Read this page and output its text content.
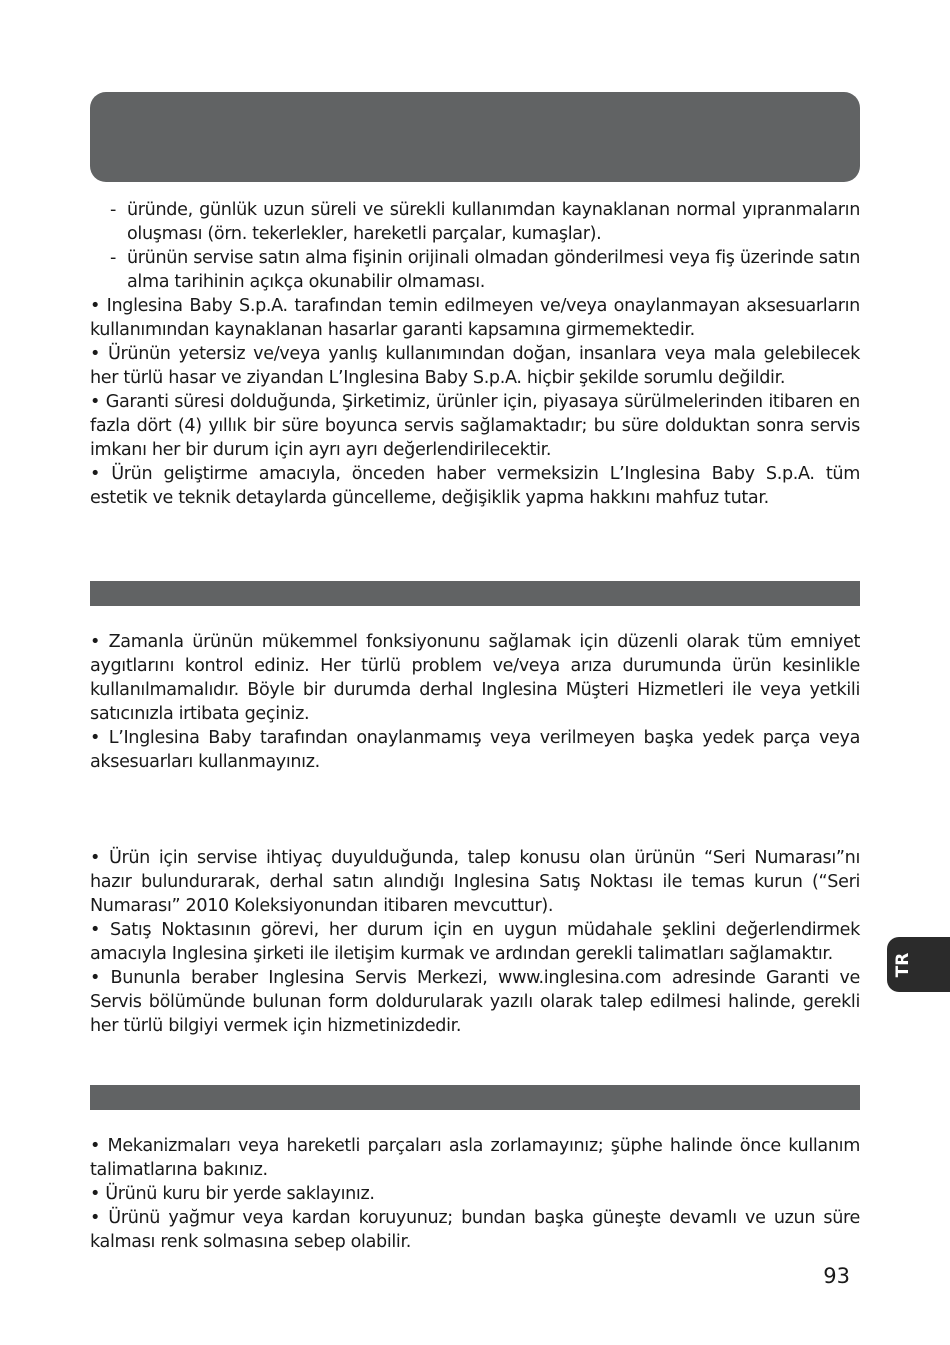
- üründe, günlük uzun süreli ve sürekli kullanımdan kaynaklanan normal yıpranmaların oluşması (örn. tekerlekler, hareketli parçalar, kumaşlar).

- ürünün servise satın alma fişinin orijinali olmadan gönderilmesi veya fiş üzerinde satın alma tarihinin açıkça okunabilir olmaması.

• Inglesina Baby S.p.A. tarafından temin edilmeyen ve/veya onaylanmayan aksesuarların kullanımından kaynaklanan hasarlar garanti kapsamına girmemektedir.

• Ürünün yetersiz ve/veya yanlış kullanımından doğan, insanlara veya mala gelebilecek her türlü hasar ve ziyandan L’Inglesina Baby S.p.A. hiçbir şekilde sorumlu değildir.

• Garanti süresi dolduğunda, Şirketimiz, ürünler için, piyasaya sürülmelerinden itibaren en fazla dört (4) yıllık bir süre boyunca servis sağlamaktadır; bu süre dolduktan sonra servis imkanı her bir durum için ayrı ayrı değerlendirilecektir.

• Ürün geliştirme amacıyla, önceden haber vermeksizin L’Inglesina Baby S.p.A. tüm estetik ve teknik detaylarda güncelleme, değişiklik yapma hakkını mahfuz tutar.

• Zamanla ürünün mükemmel fonksiyonunu sağlamak için düzenli olarak tüm emniyet aygıtlarını kontrol ediniz. Her türlü problem ve/veya arıza durumunda ürün kesinlikle kullanılmamalıdır. Böyle bir durumda derhal Inglesina Müşteri Hizmetleri ile veya yetkili satıcınızla irtibata geçiniz.

• L’Inglesina Baby tarafından onaylanmamış veya verilmeyen başka yedek parça veya aksesuarları kullanmayınız.

• Ürün için servise ihtiyaç duyulduğunda, talep konusu olan ürünün “Seri Numarası”nı hazır bulundurarak, derhal satın alındığı Inglesina Satış Noktası ile temas kurun (“Seri Numarası” 2010 Koleksiyonundan itibaren mevcuttur).

• Satış Noktasının görevi, her durum için en uygun müdahale şeklini değerlendirmek amacıyla Inglesina şirketi ile iletişim kurmak ve ardından gerekli talimatları sağlamaktır.

• Bununla beraber Inglesina Servis Merkezi, www.inglesina.com adresinde Garanti ve Servis bölümünde bulunan form doldurularak yazılı olarak talep edilmesi halinde, gerekli her türlü bilgiyi vermek için hizmetinizdedir.

• Mekanizmaları veya hareketli parçaları asla zorlamayınız; şüphe halinde önce kullanım talimatlarına bakınız.

• Ürünü kuru bir yerde saklayınız.

• Ürünü yağmur veya kardan koruyunuz; bundan başka güneşte devamlı ve uzun süre kalması renk solmasına sebep olabilir.

TR
93
